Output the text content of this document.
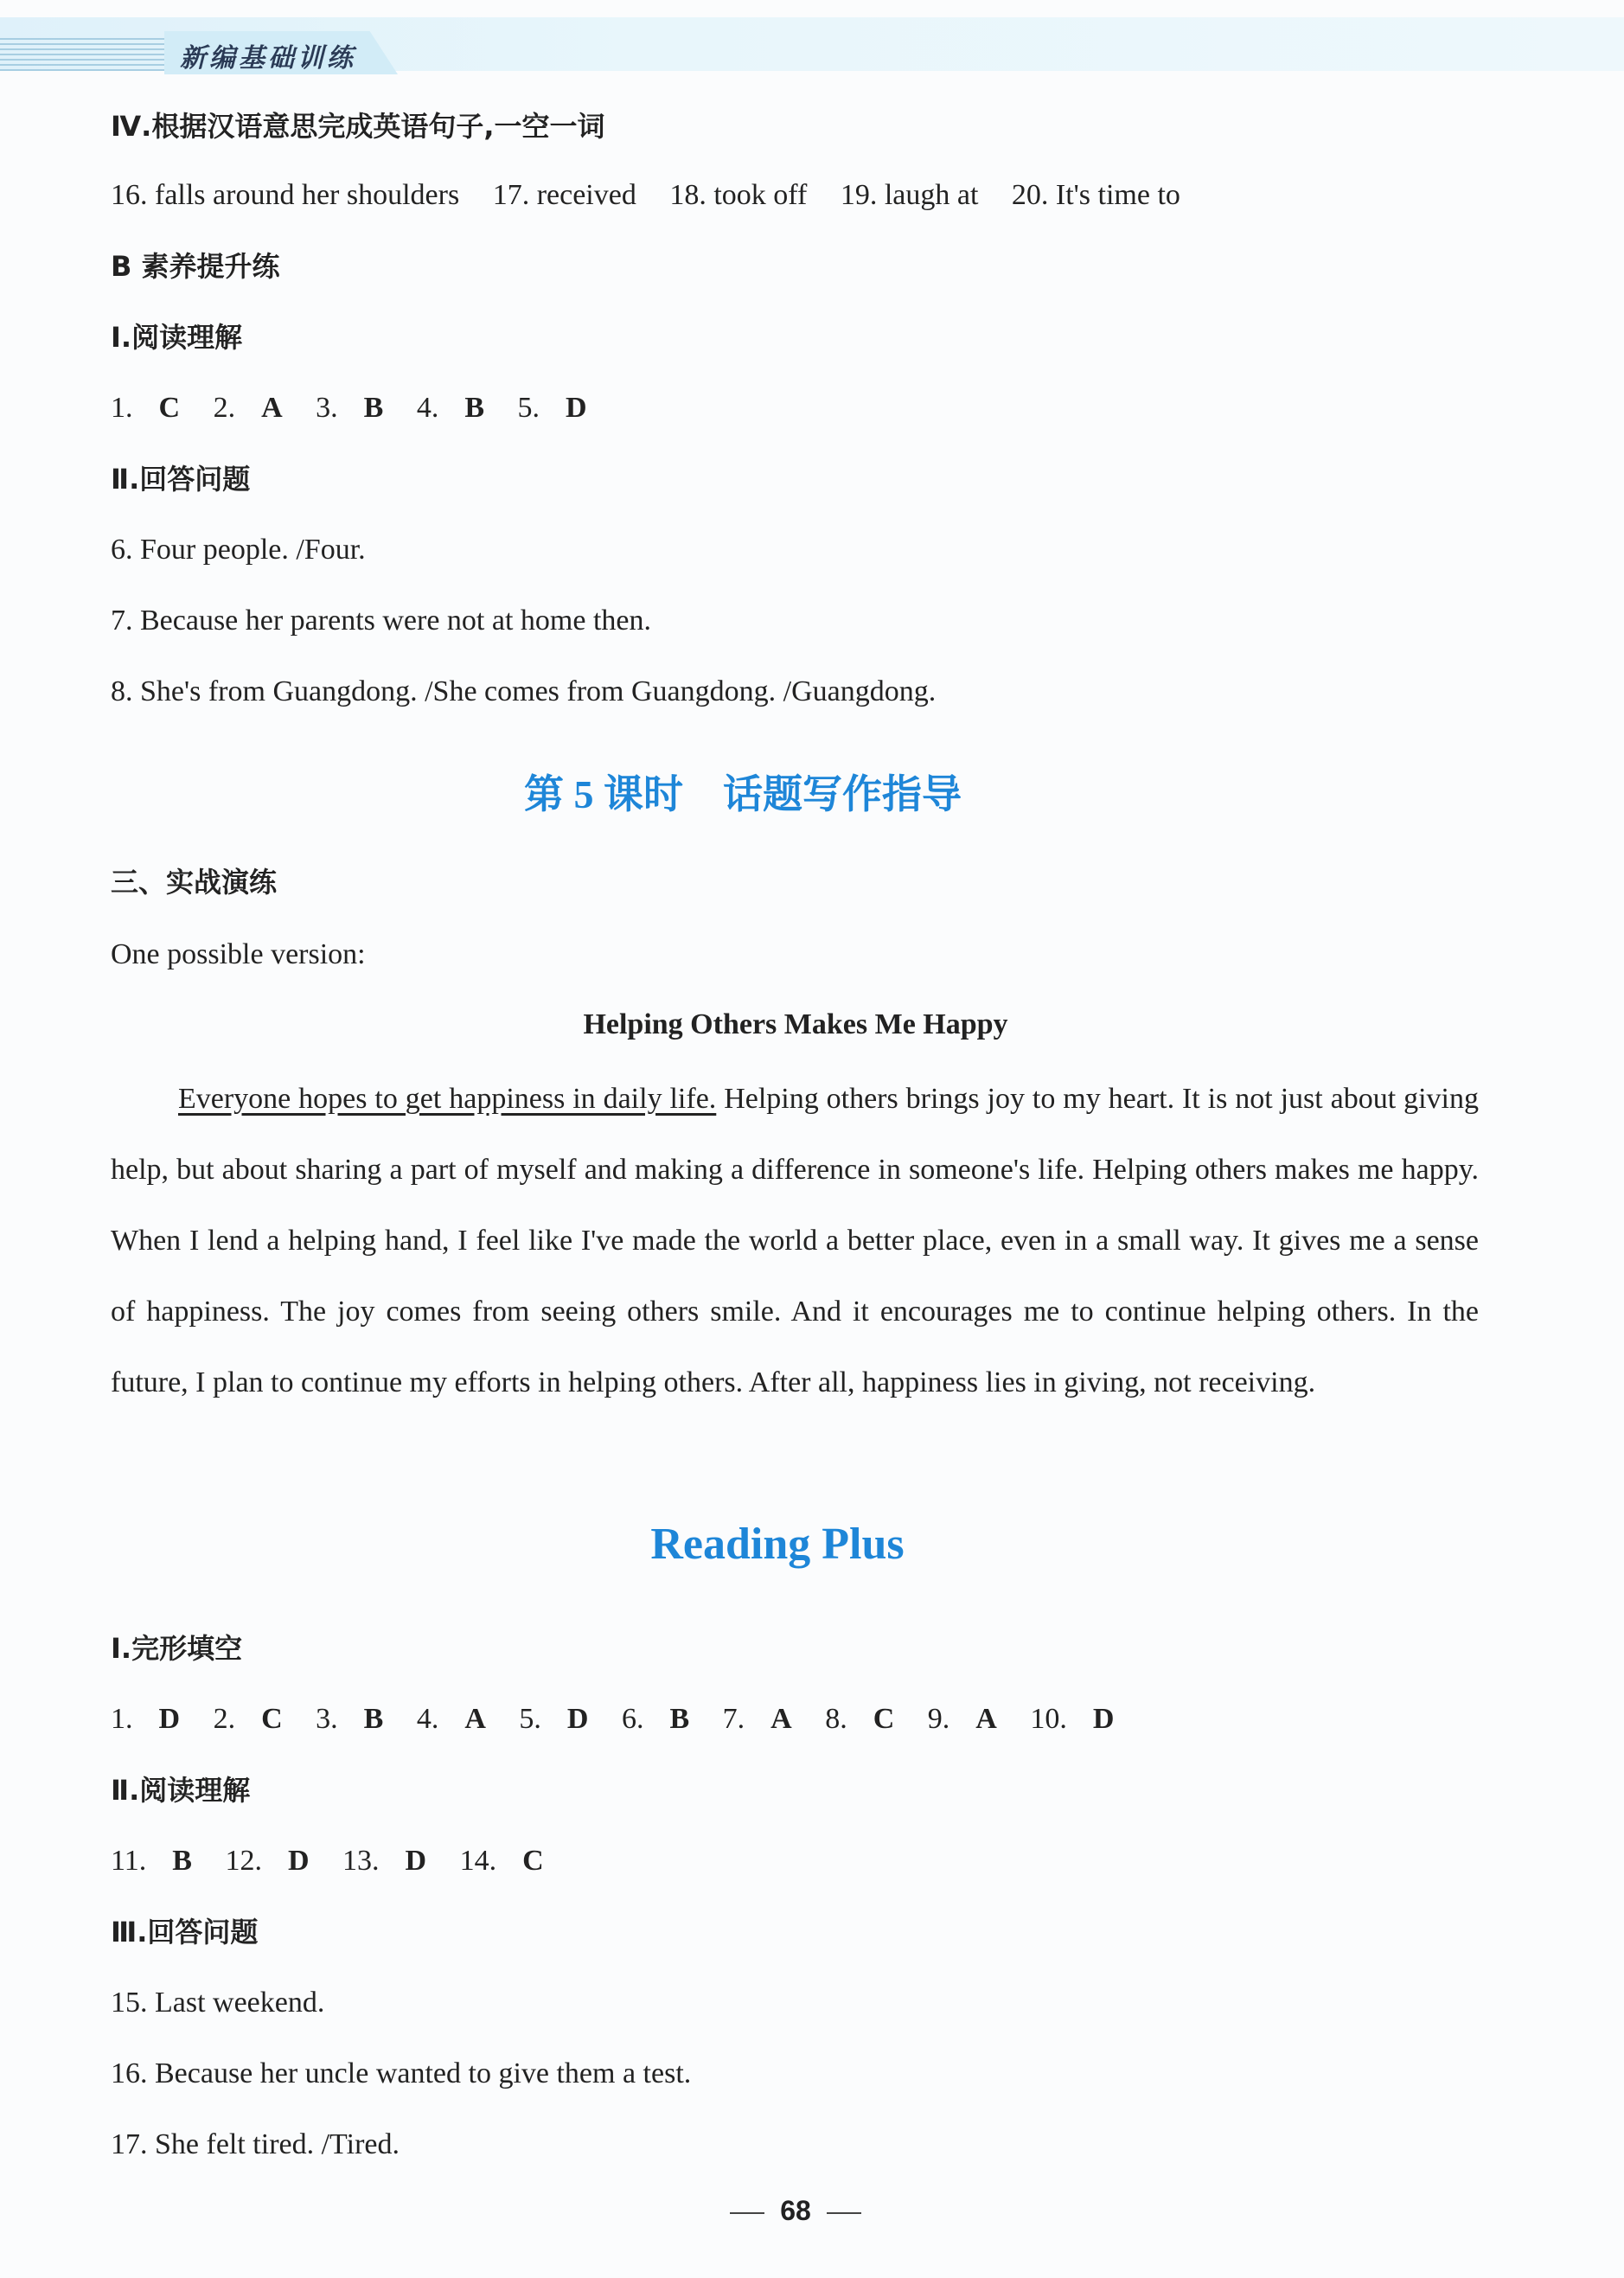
新编基础训练
Ⅳ.根据汉语意思完成英语句子,一空一词
16. falls around her shoulders 17. received 18. took off 19. laugh at 20. It's time to
B 素养提升练
Ⅰ.阅读理解
1. C 2. A 3. B 4. B 5. D
Ⅱ.回答问题
6. Four people. /Four.
7. Because her parents were not at home then.
8. She's from Guangdong. /She comes from Guangdong. /Guangdong.
第 5 课时　话题写作指导
三、实战演练
One possible version:
Helping Others Makes Me Happy

Everyone hopes to get happiness in daily life. Helping others brings joy to my heart. It is not just about giving help, but about sharing a part of myself and making a difference in someone's life. Helping others makes me happy. When I lend a helping hand, I feel like I've made the world a better place, even in a small way. It gives me a sense of happiness. The joy comes from seeing others smile. And it encourages me to continue helping others. In the future, I plan to continue my efforts in helping others. After all, happiness lies in giving, not receiving.

Reading Plus
Ⅰ.完形填空
1. D 2. C 3. B 4. A 5. D 6. B 7. A 8. C 9. A 10. D
Ⅱ.阅读理解
11. B 12. D 13. D 14. C
Ⅲ.回答问题
15. Last weekend.
16. Because her uncle wanted to give them a test.
17. She felt tired. /Tired.
68
